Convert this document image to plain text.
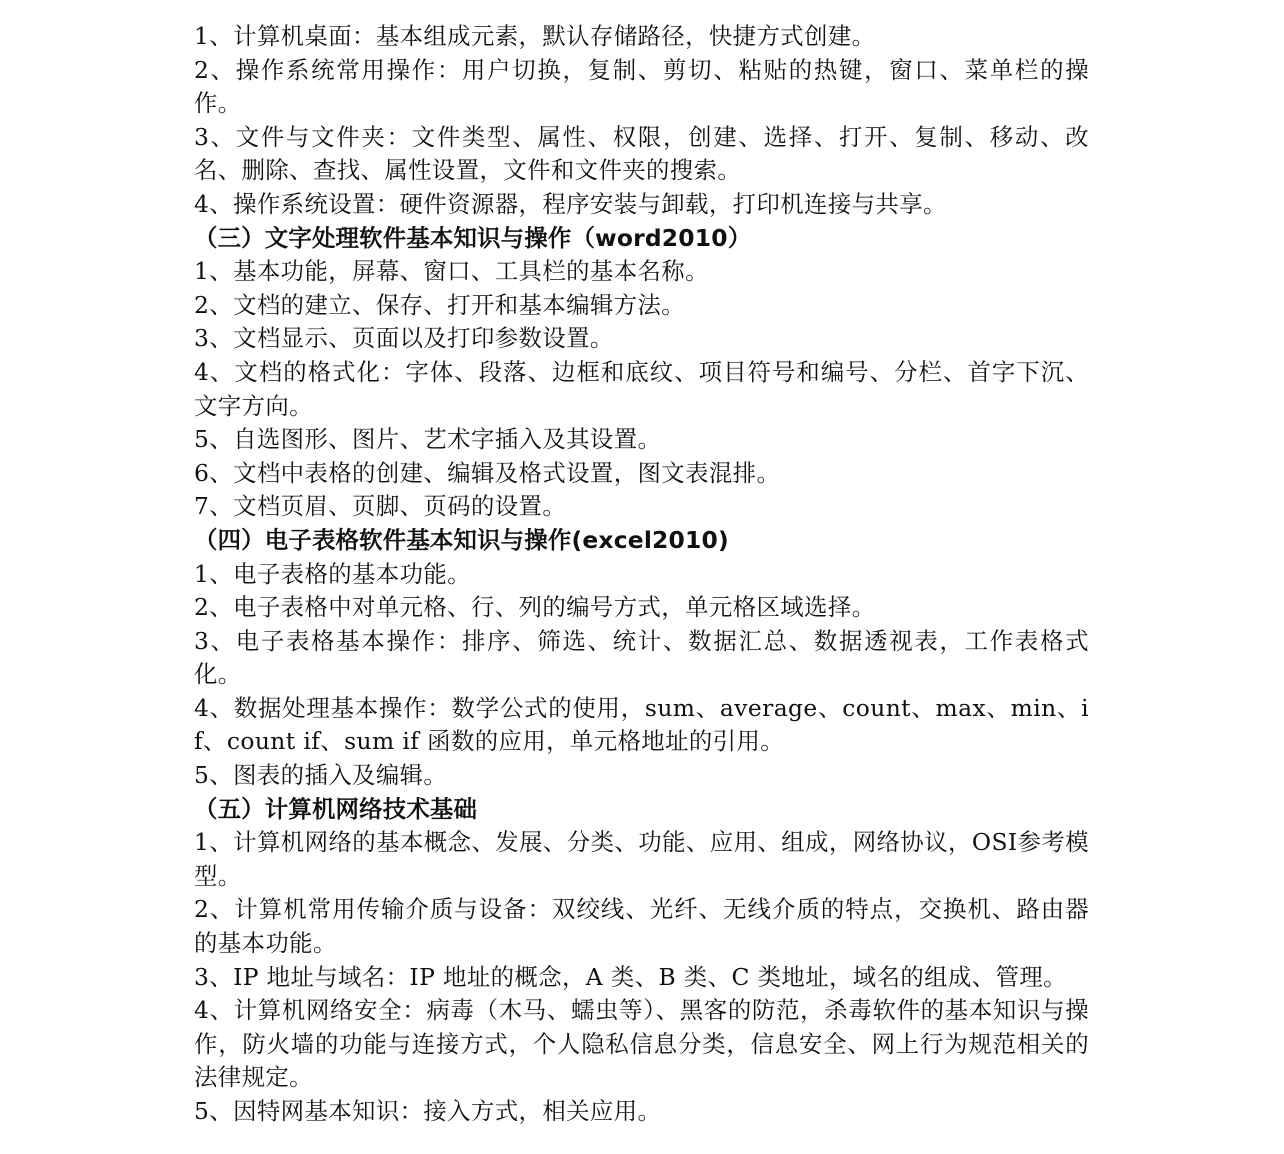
1、计算机桌面：基本组成元素，默认存储路径，快捷方式创建。
2、操作系统常用操作：用户切换，复制、剪切、粘贴的热键，窗口、菜单栏的操作。
3、文件与文件夹：文件类型、属性、权限，创建、选择、打开、复制、移动、改名、删除、查找、属性设置，文件和文件夹的搜索。
4、操作系统设置：硬件资源器，程序安装与卸载，打印机连接与共享。
（三）文字处理软件基本知识与操作（word2010）
1、基本功能，屏幕、窗口、工具栏的基本名称。
2、文档的建立、保存、打开和基本编辑方法。
3、文档显示、页面以及打印参数设置。
4、文档的格式化：字体、段落、边框和底纹、项目符号和编号、分栏、首字下沉、文字方向。
5、自选图形、图片、艺术字插入及其设置。
6、文档中表格的创建、编辑及格式设置，图文表混排。
7、文档页眉、页脚、页码的设置。
（四）电子表格软件基本知识与操作(excel2010)
1、电子表格的基本功能。
2、电子表格中对单元格、行、列的编号方式，单元格区域选择。
3、电子表格基本操作：排序、筛选、统计、数据汇总、数据透视表，工作表格式化。
4、数据处理基本操作：数学公式的使用，sum、average、count、max、min、if、count if、sum if 函数的应用，单元格地址的引用。
5、图表的插入及编辑。
（五）计算机网络技术基础
1、计算机网络的基本概念、发展、分类、功能、应用、组成，网络协议，OSI参考模型。
2、计算机常用传输介质与设备：双绞线、光纤、无线介质的特点，交换机、路由器的基本功能。
3、IP 地址与域名：IP 地址的概念，A 类、B 类、C 类地址，域名的组成、管理。
4、计算机网络安全：病毒（木马、蠕虫等）、黑客的防范，杀毒软件的基本知识与操作，防火墙的功能与连接方式，个人隐私信息分类，信息安全、网上行为规范相关的法律规定。
5、因特网基本知识：接入方式，相关应用。
